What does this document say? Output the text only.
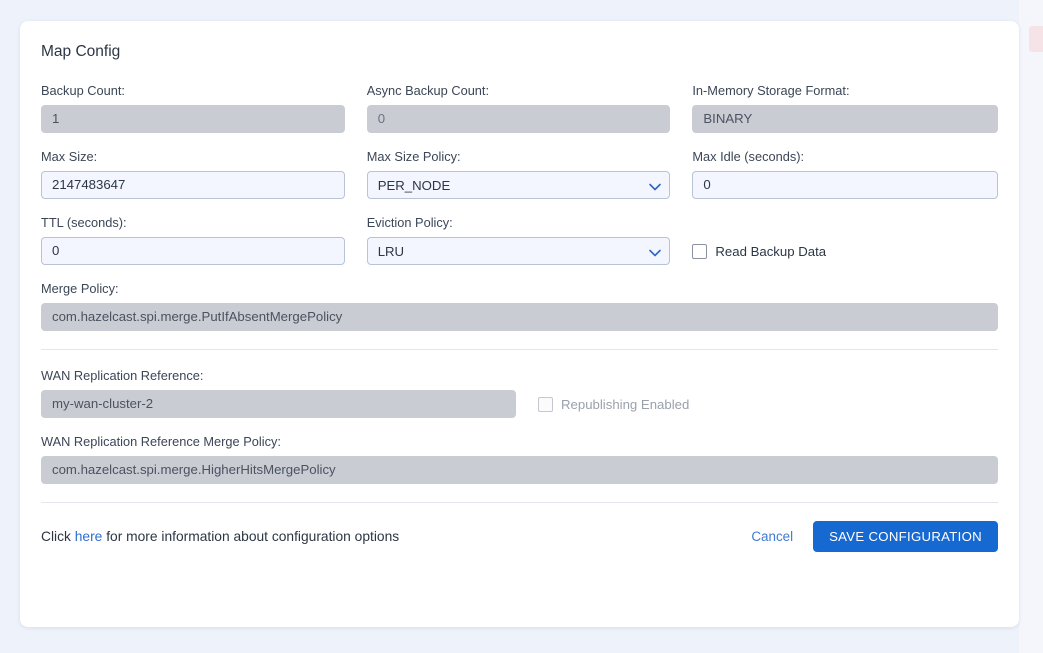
Map Config
Backup Count:
1	Async Backup Count:
0	In-Memory Storage Format:
BINARY
Max Size:
2147483647	Max Size Policy:
PER_NODE	Max Idle (seconds):
0
TTL (seconds):
0	Eviction Policy:
LRU
Read Backup Data
Merge Policy:
com.hazelcast.spi.merge.PutIfAbsentMergePolicy
WAN Replication Reference:
my-wan-cluster-2
Republishing Enabled
WAN Replication Reference Merge Policy:
com.hazelcast.spi.merge.HigherHitsMergePolicy
Click here for more information about configuration options	Cancel	SAVE CONFIGURATION
